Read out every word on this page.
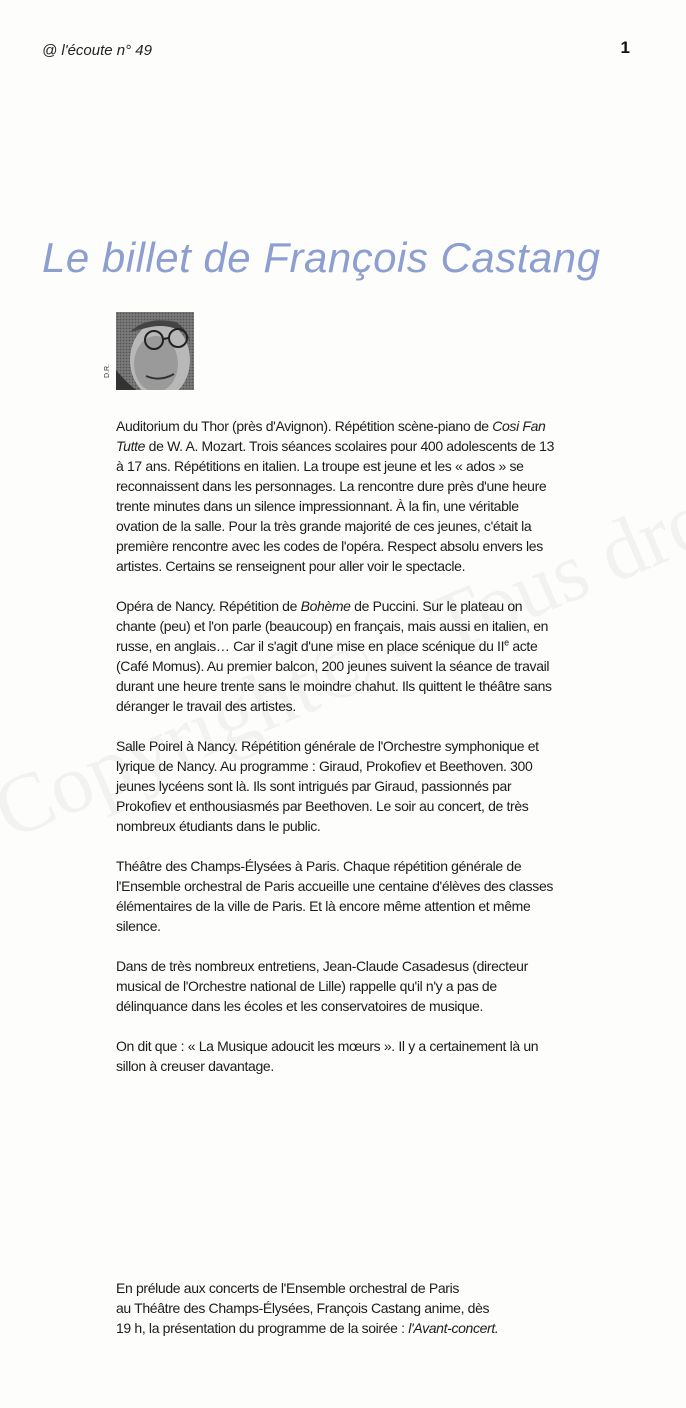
@ l'écoute n° 49	1
Le billet de François Castang
D.R.

Auditorium du Thor (près d'Avignon). Répétition scène-piano de Cosi Fan Tutte de W. A. Mozart. Trois séances scolaires pour 400 adolescents de 13 à 17 ans. Répétitions en italien. La troupe est jeune et les « ados » se reconnaissent dans les personnages. La rencontre dure près d'une heure trente minutes dans un silence impressionnant. À la fin, une véritable ovation de la salle. Pour la très grande majorité de ces jeunes, c'était la première rencontre avec les codes de l'opéra. Respect absolu envers les artistes. Certains se renseignent pour aller voir le spectacle.

Opéra de Nancy. Répétition de Bohème de Puccini. Sur le plateau on chante (peu) et l'on parle (beaucoup) en français, mais aussi en italien, en russe, en anglais… Car il s'agit d'une mise en place scénique du IIe acte (Café Momus). Au premier balcon, 200 jeunes suivent la séance de travail durant une heure trente sans le moindre chahut. Ils quittent le théâtre sans déranger le travail des artistes.

Salle Poirel à Nancy. Répétition générale de l'Orchestre symphonique et lyrique de Nancy. Au programme : Giraud, Prokofiev et Beethoven. 300 jeunes lycéens sont là. Ils sont intrigués par Giraud, passionnés par Prokofiev et enthousiasmés par Beethoven. Le soir au concert, de très nombreux étudiants dans le public.

Théâtre des Champs-Élysées à Paris. Chaque répétition générale de l'Ensemble orchestral de Paris accueille une centaine d'élèves des classes élémentaires de la ville de Paris. Et là encore même attention et même silence.

Dans de très nombreux entretiens, Jean-Claude Casadesus (directeur musical de l'Orchestre national de Lille) rappelle qu'il n'y a pas de délinquance dans les écoles et les conservatoires de musique.

On dit que : « La Musique adoucit les mœurs ». Il y a certainement là un sillon à creuser davantage.

En prélude aux concerts de l'Ensemble orchestral de Paris

au Théâtre des Champs-Élysées, François Castang anime, dès

19 h, la présentation du programme de la soirée : l'Avant-concert.
